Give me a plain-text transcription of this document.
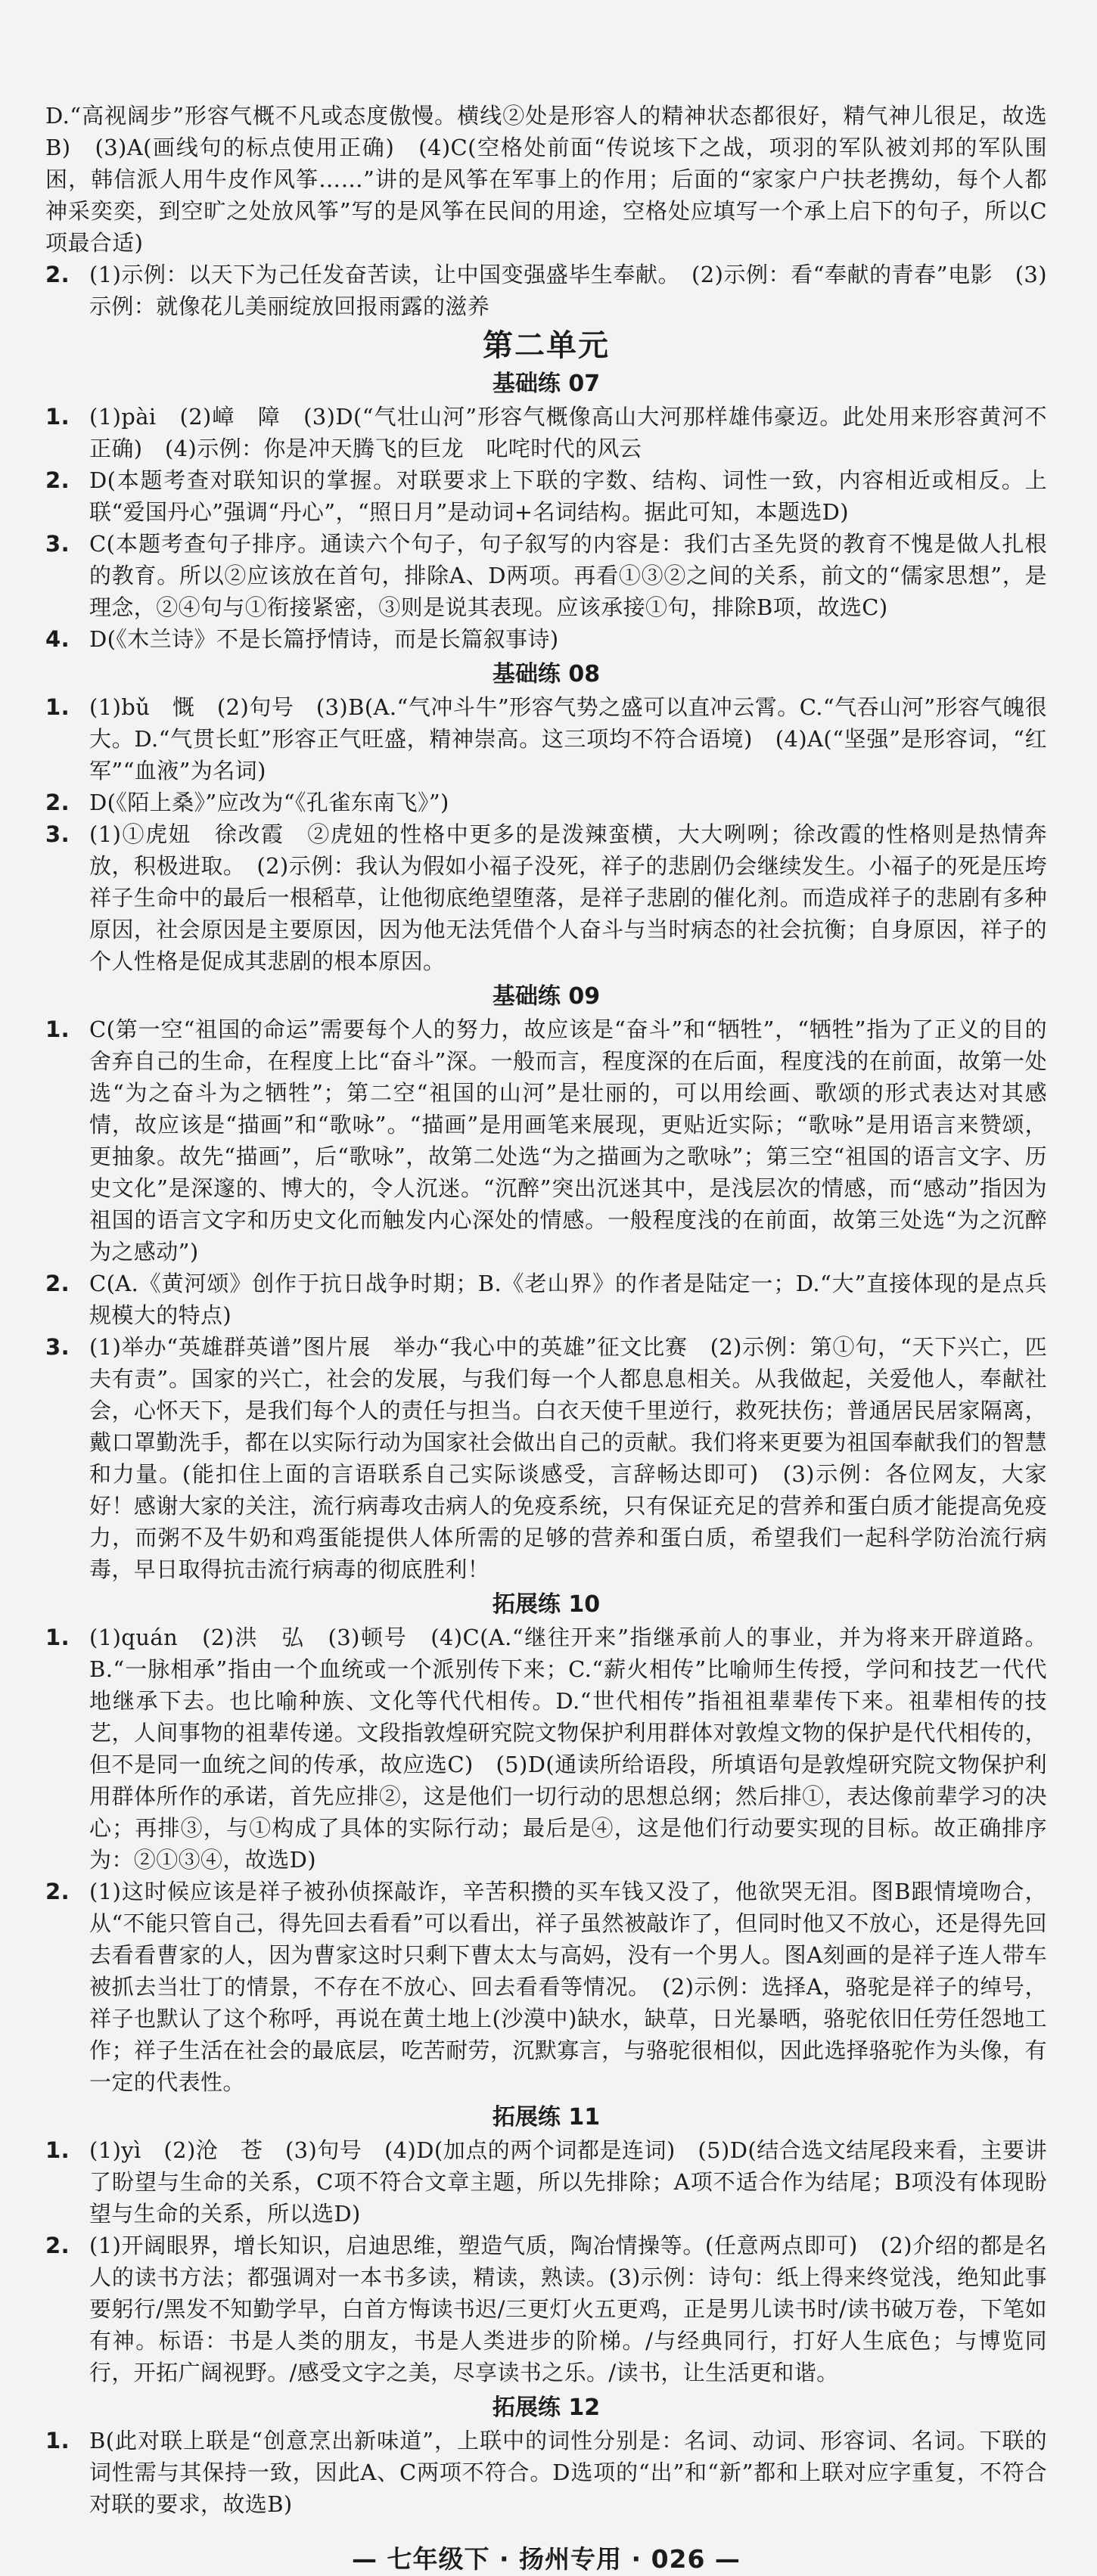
D.“高视阔步”形容气概不凡或态度傲慢。横线②处是形容人的精神状态都很好，精气神儿很足，故选B)　(3)A(画线句的标点使用正确)　(4)C(空格处前面“传说垓下之战，项羽的军队被刘邦的军队围困，韩信派人用牛皮作风筝……”讲的是风筝在军事上的作用；后面的“家家户户扶老携幼，每个人都神采奕奕，到空旷之处放风筝”写的是风筝在民间的用途，空格处应填写一个承上启下的句子，所以C项最合适)

2. (1)示例：以天下为己任发奋苦读，让中国变强盛毕生奉献。　(2)示例：看“奉献的青春”电影　(3)示例：就像花儿美丽绽放回报雨露的滋养
第二单元
基础练 07
1. (1)pài　(2)嶂　障　(3)D(“气壮山河”形容气概像高山大河那样雄伟豪迈。此处用来形容黄河不正确)　(4)示例：你是冲天腾飞的巨龙　叱咤时代的风云
2. D(本题考查对联知识的掌握。对联要求上下联的字数、结构、词性一致，内容相近或相反。上联“爱国丹心”强调“丹心”，“照日月”是动词+名词结构。据此可知，本题选D)
3. C(本题考查句子排序。通读六个句子，句子叙写的内容是：我们古圣先贤的教育不愧是做人扎根的教育。所以②应该放在首句，排除A、D两项。再看①③②之间的关系，前文的“儒家思想”，是理念，②④句与①衔接紧密，③则是说其表现。应该承接①句，排除B项，故选C)
4. D(《木兰诗》不是长篇抒情诗，而是长篇叙事诗)
基础练 08
1. (1)bǔ　慨　(2)句号　(3)B(A.“气冲斗牛”形容气势之盛可以直冲云霄。C.“气吞山河”形容气魄很大。D.“气贯长虹”形容正气旺盛，精神崇高。这三项均不符合语境)　(4)A(“坚强”是形容词，“红军”“血液”为名词)
2. D(《陌上桑》”应改为“《孔雀东南飞》”)
3. (1)①虎妞　徐改霞　②虎妞的性格中更多的是泼辣蛮横，大大咧咧；徐改霞的性格则是热情奔放，积极进取。　(2)示例：我认为假如小福子没死，祥子的悲剧仍会继续发生。小福子的死是压垮祥子生命中的最后一根稻草，让他彻底绝望堕落，是祥子悲剧的催化剂。而造成祥子的悲剧有多种原因，社会原因是主要原因，因为他无法凭借个人奋斗与当时病态的社会抗衡；自身原因，祥子的个人性格是促成其悲剧的根本原因。
基础练 09
1. C(第一空“祖国的命运”需要每个人的努力，故应该是“奋斗”和“牺牲”，“牺牲”指为了正义的目的舍弃自己的生命，在程度上比“奋斗”深。一般而言，程度深的在后面，程度浅的在前面，故第一处选“为之奋斗为之牺牲”；第二空“祖国的山河”是壮丽的，可以用绘画、歌颂的形式表达对其感情，故应该是“描画”和“歌咏”。“描画”是用画笔来展现，更贴近实际；“歌咏”是用语言来赞颂，更抽象。故先“描画”，后“歌咏”，故第二处选“为之描画为之歌咏”；第三空“祖国的语言文字、历史文化”是深邃的、博大的，令人沉迷。“沉醉”突出沉迷其中，是浅层次的情感，而“感动”指因为祖国的语言文字和历史文化而触发内心深处的情感。一般程度浅的在前面，故第三处选“为之沉醉为之感动”)
2. C(A.《黄河颂》创作于抗日战争时期；B.《老山界》的作者是陆定一；D.“大”直接体现的是点兵规模大的特点)
3. (1)举办“英雄群英谱”图片展　举办“我心中的英雄”征文比赛　(2)示例：第①句，“天下兴亡，匹夫有责”。国家的兴亡，社会的发展，与我们每一个人都息息相关。从我做起，关爱他人，奉献社会，心怀天下，是我们每个人的责任与担当。白衣天使千里逆行，救死扶伤；普通居民居家隔离，戴口罩勤洗手，都在以实际行动为国家社会做出自己的贡献。我们将来更要为祖国奉献我们的智慧和力量。(能扣住上面的言语联系自己实际谈感受，言辞畅达即可)　(3)示例：各位网友，大家好！感谢大家的关注，流行病毒攻击病人的免疫系统，只有保证充足的营养和蛋白质才能提高免疫力，而粥不及牛奶和鸡蛋能提供人体所需的足够的营养和蛋白质，希望我们一起科学防治流行病毒，早日取得抗击流行病毒的彻底胜利！
拓展练 10
1. (1)quán　(2)洪　弘　(3)顿号　(4)C(A.“继往开来”指继承前人的事业，并为将来开辟道路。B.“一脉相承”指由一个血统或一个派别传下来；C.“薪火相传”比喻师生传授，学问和技艺一代代地继承下去。也比喻种族、文化等代代相传。D.“世代相传”指祖祖辈辈传下来。祖辈相传的技艺，人间事物的祖辈传递。文段指敦煌研究院文物保护利用群体对敦煌文物的保护是代代相传的，但不是同一血统之间的传承，故应选C)　(5)D(通读所给语段，所填语句是敦煌研究院文物保护利用群体所作的承诺，首先应排②，这是他们一切行动的思想总纲；然后排①，表达像前辈学习的决心；再排③，与①构成了具体的实际行动；最后是④，这是他们行动要实现的目标。故正确排序为：②①③④，故选D)
2. (1)这时候应该是祥子被孙侦探敲诈，辛苦积攒的买车钱又没了，他欲哭无泪。图B跟情境吻合，从“不能只管自己，得先回去看看”可以看出，祥子虽然被敲诈了，但同时他又不放心，还是得先回去看看曹家的人，因为曹家这时只剩下曹太太与高妈，没有一个男人。图A刻画的是祥子连人带车被抓去当壮丁的情景，不存在不放心、回去看看等情况。　(2)示例：选择A，骆驼是祥子的绰号，祥子也默认了这个称呼，再说在黄土地上(沙漠中)缺水，缺草，日光暴晒，骆驼依旧任劳任怨地工作；祥子生活在社会的最底层，吃苦耐劳，沉默寡言，与骆驼很相似，因此选择骆驼作为头像，有一定的代表性。
拓展练 11
1. (1)yì　(2)沧　苍　(3)句号　(4)D(加点的两个词都是连词)　(5)D(结合选文结尾段来看，主要讲了盼望与生命的关系，C项不符合文章主题，所以先排除；A项不适合作为结尾；B项没有体现盼望与生命的关系，所以选D)
2. (1)开阔眼界，增长知识，启迪思维，塑造气质，陶冶情操等。(任意两点即可)　(2)介绍的都是名人的读书方法；都强调对一本书多读，精读，熟读。(3)示例：诗句：纸上得来终觉浅，绝知此事要躬行/黑发不知勤学早，白首方悔读书迟/三更灯火五更鸡，正是男儿读书时/读书破万卷，下笔如有神。标语：书是人类的朋友，书是人类进步的阶梯。/与经典同行，打好人生底色；与博览同行，开拓广阔视野。/感受文字之美，尽享读书之乐。/读书，让生活更和谐。
拓展练 12
1. B(此对联上联是“创意烹出新味道”，上联中的词性分别是：名词、动词、形容词、名词。下联的词性需与其保持一致，因此A、C两项不符合。D选项的“出”和“新”都和上联对应字重复，不符合对联的要求，故选B)
— 七年级下 · 扬州专用 · 026 —
